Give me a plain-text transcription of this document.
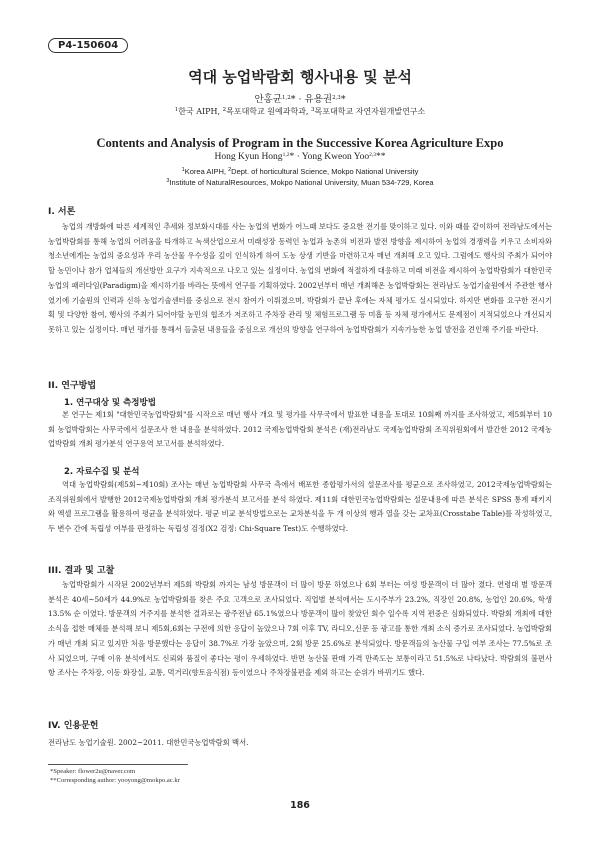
P4-150604
역대 농업박람회 행사내용 및 분석
안홍균$^{1,2}$* · 유용권$^{2,3}$*
$^1$한국 AIPH, $^2$목포대학교 원예과학과, $^3$목포대학교 자연자원개발연구소
Contents and Analysis of Program in the Successive Korea Agriculture Expo
Hong Kyun Hong$^{1,2}$* · Yong Kweon Yoo$^{2,3}$**
$^1$Korea AIPH, $^2$Dept. of horticultural Science, Mokpo National University
$^3$Institute of NaturalResources, Mokpo National University, Muan 534-729, Korea
I. 서론

농업의 개방화에 따른 세계적인 추세와 정보화시대를 사는 농업의 변화가 어느때 보다도 중요한 전기를 맞이하고 있다. 이와 때를 같이하여 전라남도에서는 농업박람회를 통해 농업의 어려움을 타개하고 녹색산업으로서 미래성장 동력인 농업과 농촌의 비전과 발전 방향을 제시하여 농업의 경쟁력을 키우고 소비자와 청소년에게는 농업의 중요성과 우리 농산물 우수성을 깊이 인식하게 하여 도농 상생 기반을 마련하고자 매년 개최해 오고 있다. 그럼에도 행사의 주최가 되어야할 농민이나 참가 업체들의 개선방안 요구가 지속적으로 나오고 있는 실정이다. 농업의 변화에 적절하게 대응하고 미래 비전을 제시하여 농업박람회가 대한민국 농업의 패러다임(Paradigm)을 제시하기를 바라는 뜻에서 연구를 기획하였다. 2002년부터 매년 개최해온 농업박람회는 전라남도 농업기술원에서 주관한 행사였기에 기술원의 인력과 신하 농업기술센터를 중심으로 전시 참여가 이뤄졌으며, 박람회가 끝난 후에는 자체 평가도 실시되었다. 하지만 변화를 요구한 전시기획 및 다양한 참여, 행사의 주최가 되어야할 농민의 협조가 저조하고 주차장 관리 및 체험프로그램 등 미흡 등 자체 평가에서도 문제점이 지적되었으나 개선되지 못하고 있는 실정이다. 매년 평가를 통해서 들출된 내용들을 중심으로 개선의 방향을 연구하여 농업박람회가 지속가능한 농업 발전을 견인해 주기를 바란다.

II. 연구방법
1. 연구대상 및 측정방법

본 연구는 제1회 "대한민국농업박람회"를 시작으로 매년 행사 개요 및 평가를 사무국에서 발표한 내용을 토대로 10회째 까지를 조사하였고, 제5회부터 10회 농업박람회는 사무국에서 설문조사 한 내용을 분석하였다. 2012 국제농업박람회 분석은 (재)전라남도 국제농업박람회 조직위원회에서 발간한 2012 국제농업박람회 개최 평가분석 연구용역 보고서를 분석하였다.

2. 자료수집 및 분석

역대 농업박람회(제5회~제10회) 조사는 매년 농업박람회 사무국 측에서 배포한 종합평가서의 설문조사를 평균으로 조사하였고, 2012국제농업박람회는 조직위원회에서 발행한 2012국제농업박람회 개최 평가분석 보고서를 분석 하였다. 제11회 대한민국농업박람회는 설문내용에 따른 분석은 SPSS 통계 패키지와 엑셀 프로그램을 활용하여 평균을 분석하였다. 평균 비교 분석방법으로는 교차분석을 두 개 이상의 행과 열을 갖는 교차표(Crosstabe Table)를 작성하였고, 두 변수 간에 독립성 여부를 판정하는 독립성 검정(X2 검정: Chi-Square Test)도 수행하였다.

III. 결과 및 고찰

농업박람회가 시작된 2002년부터 제5회 박람회 까지는 남성 방문객이 더 많이 방문 하였으나 6회 부터는 여성 방문객이 더 많아 졌다. 연령대 별 방문객 분석은 40세~50세가 44.9%로 농업박람회를 찾은 주요 고객으로 조사되었다. 직업별 분석에서는 도시주부가 23.2%, 직장인 20.8%, 농업인 20.6%, 학생 13.5% 순 이였다. 방문객의 거주지를 분석한 결과로는 광주전남 65.1%였으나 방문객이 많이 찾았던 회수 일수록 지역 편중은 심화되었다. 박람회 개최에 대한 소식을 접한 매체를 분석해 보니 제5회,6회는 구전에 의한 응답이 높았으나 7회 이후 TV, 라디오,신문 등 광고를 통한 개최 소식 증가로 조사되었다. 농업박람회가 매년 개최 되고 있지만 처음 방문했다는 응답이 38.7%로 가장 높았으며, 2회 방문 25.6%로 분석되었다. 방문객들의 농산물 구입 여부 조사는 77.5%로 조사 되었으며, 구매 이유 분석에서도 신뢰와 품질이 좋다는 평이 우세하였다. 반면 농산물 판매 가격 만족도는 보통이라고 51.5%로 나타났다. 박람회의 불편사항 조사는 주차장, 이동 화장실, 교통, 먹거리(향토음식점) 등이였으나 주차장불편을 제외 하고는 순위가 바뀌기도 했다.

IV. 인용문헌

전라남도 농업기술원. 2002~2011. 대한민국농업박람회 백서.

*Speaker: flower2u@naver.com
**Corresponding author: yooyong@mokpo.ac.kr
186
